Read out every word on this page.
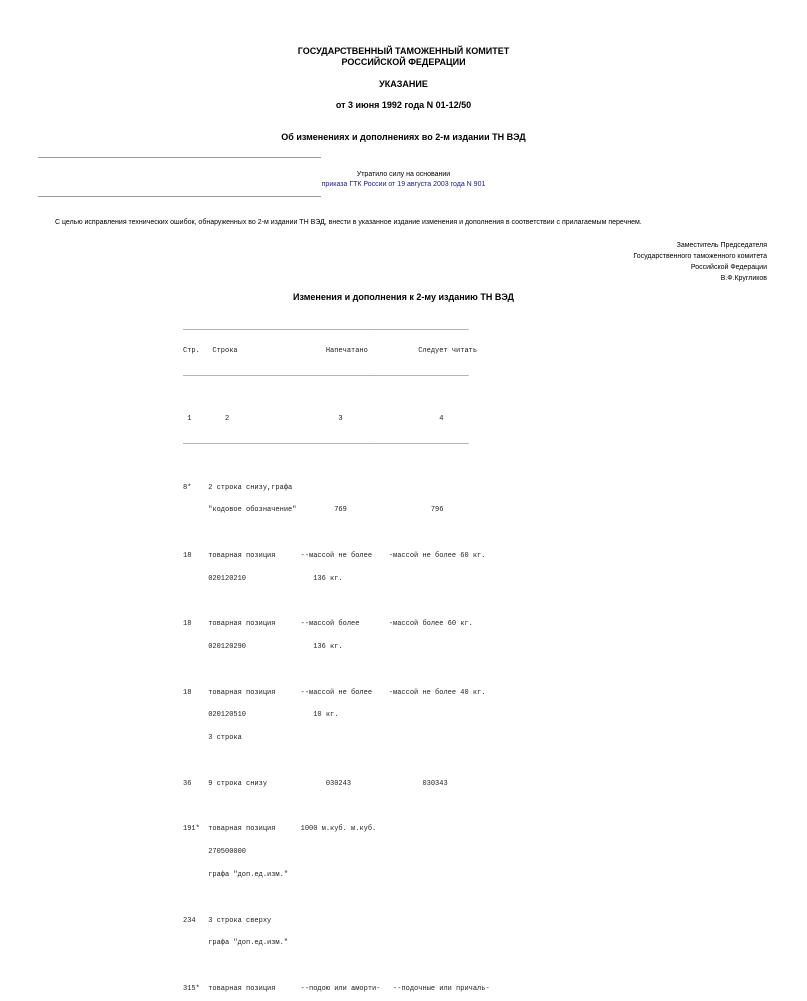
ГОСУДАРСТВЕННЫЙ ТАМОЖЕННЫЙ КОМИТЕТ
РОССИЙСКОЙ ФЕДЕРАЦИИ
УКАЗАНИЕ
от 3 июня 1992 года N 01-12/50
Об изменениях и дополнениях во 2-м издании ТН ВЭД
Утратило силу на основании
приказа ГТК России от 19 августа 2003 года N 901
С целью исправления технических ошибок, обнаруженных во 2-м издании ТН ВЭД, внести в указанное издание изменения и дополнения в соответствии с прилагаемым перечнем.
Заместитель Председателя
Государственного таможенного комитета
Российской Федерации
В.Ф.Кругликов
Изменения и дополнения к 2-му изданию ТН ВЭД

____________________________________________________________________

Стр.   Строка                     Напечатано            Следует читать

____________________________________________________________________

1        2                          3                       4

____________________________________________________________________

8*    2 строка снизу,графа

"кодовое обозначение"         769                    796

18    товарная позиция      --массой не более    -массой не более 60 кг.

020120210                136 кг.

18    товарная позиция      --массой более       -массой более 60 кг.

020120290                136 кг.

18    товарная позиция      --массой не более    -массой не более 40 кг.

020120510                10 кг.

3 строка

36    9 строка снизу              030243                 030343

191*  товарная позиция      1000 м.куб. м.куб.

270500000

графа "доп.ед.изм."

234   3 строка сверху

графа "доп.ед.изм."

315*  товарная позиция      --подою или аморти-   --подочные или причаль-
